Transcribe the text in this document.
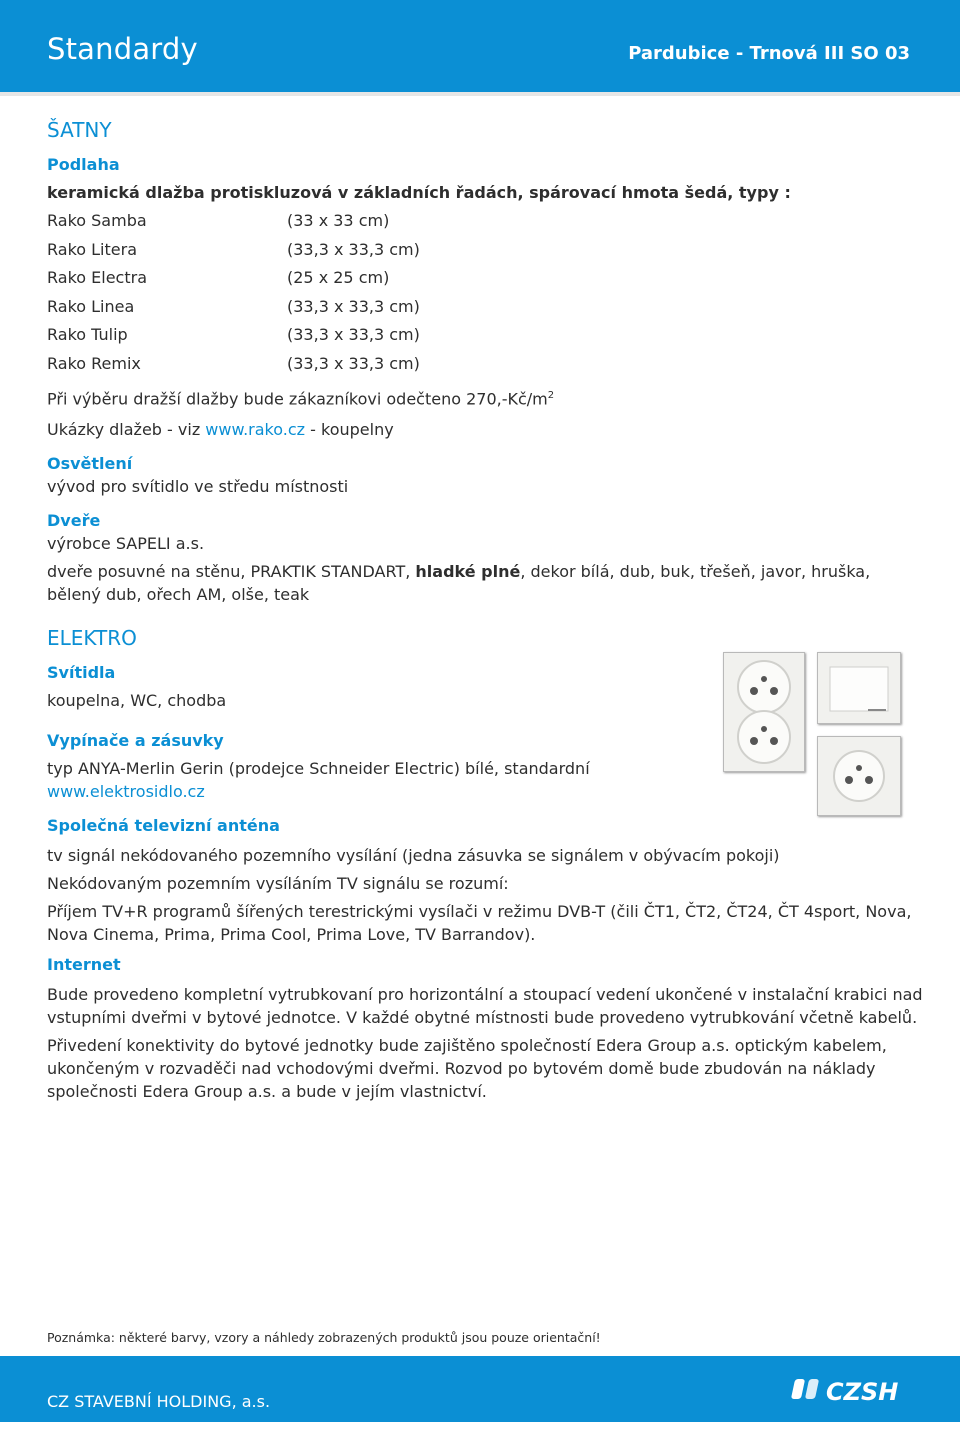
Standardy	Pardubice - Trnová III SO 03
ŠATNY
Podlaha
keramická dlažba protiskluzová v základních řadách, spárovací hmota šedá, typy :
Rako Samba	(33 x 33 cm)
Rako Litera	(33,3 x 33,3 cm)
Rako Electra	(25 x 25 cm)
Rako Linea	(33,3 x 33,3 cm)
Rako Tulip	(33,3 x 33,3 cm)
Rako Remix	(33,3 x 33,3 cm)
Při výběru dražší dlažby bude zákazníkovi odečteno $270,-Kč/m^2$
Ukázky dlažeb - viz www.rako.cz - koupelny
Osvětlení
vývod pro svítidlo ve středu místnosti
Dveře
výrobce SAPELI a.s.
dveře posuvné na stěnu, PRAKTIK STANDART, hladké plné, dekor bílá, dub, buk, třešeň, javor, hruška, bělený dub, ořech AM, olše, teak
ELEKTRO
Svítidla
koupelna, WC, chodba
Vypínače a zásuvky
typ ANYA-Merlin Gerin (prodejce Schneider Electric) bílé, standardní
www.elektrosidlo.cz
Společná televizní anténa
tv signál nekódovaného pozemního vysílání (jedna zásuvka se signálem v obývacím pokoji)
Nekódovaným pozemním vysíláním TV signálu se rozumí:
Příjem TV+R programů šířených terestrickými vysílači v režimu DVB-T (čili ČT1, ČT2, ČT24, ČT 4sport, Nova, Nova Cinema, Prima, Prima Cool, Prima Love, TV Barrandov).
Internet
Bude provedeno kompletní vytrubkovaní pro horizontální a stoupací vedení ukončené v instalační krabici nad vstupními dveřmi v bytové jednotce. V každé obytné místnosti bude provedeno vytrubkování včetně kabelů.
Přivedení konektivity do bytové jednotky bude zajištěno společností Edera Group a.s. optickým kabelem, ukončeným v rozvaděči nad vchodovými dveřmi. Rozvod po bytovém domě bude zbudován na náklady společnosti Edera Group a.s. a bude v jejím vlastnictví.
Poznámka: některé barvy, vzory a náhledy zobrazených produktů jsou pouze orientační!
CZ STAVEBNÍ HOLDING, a.s.	CZSH
